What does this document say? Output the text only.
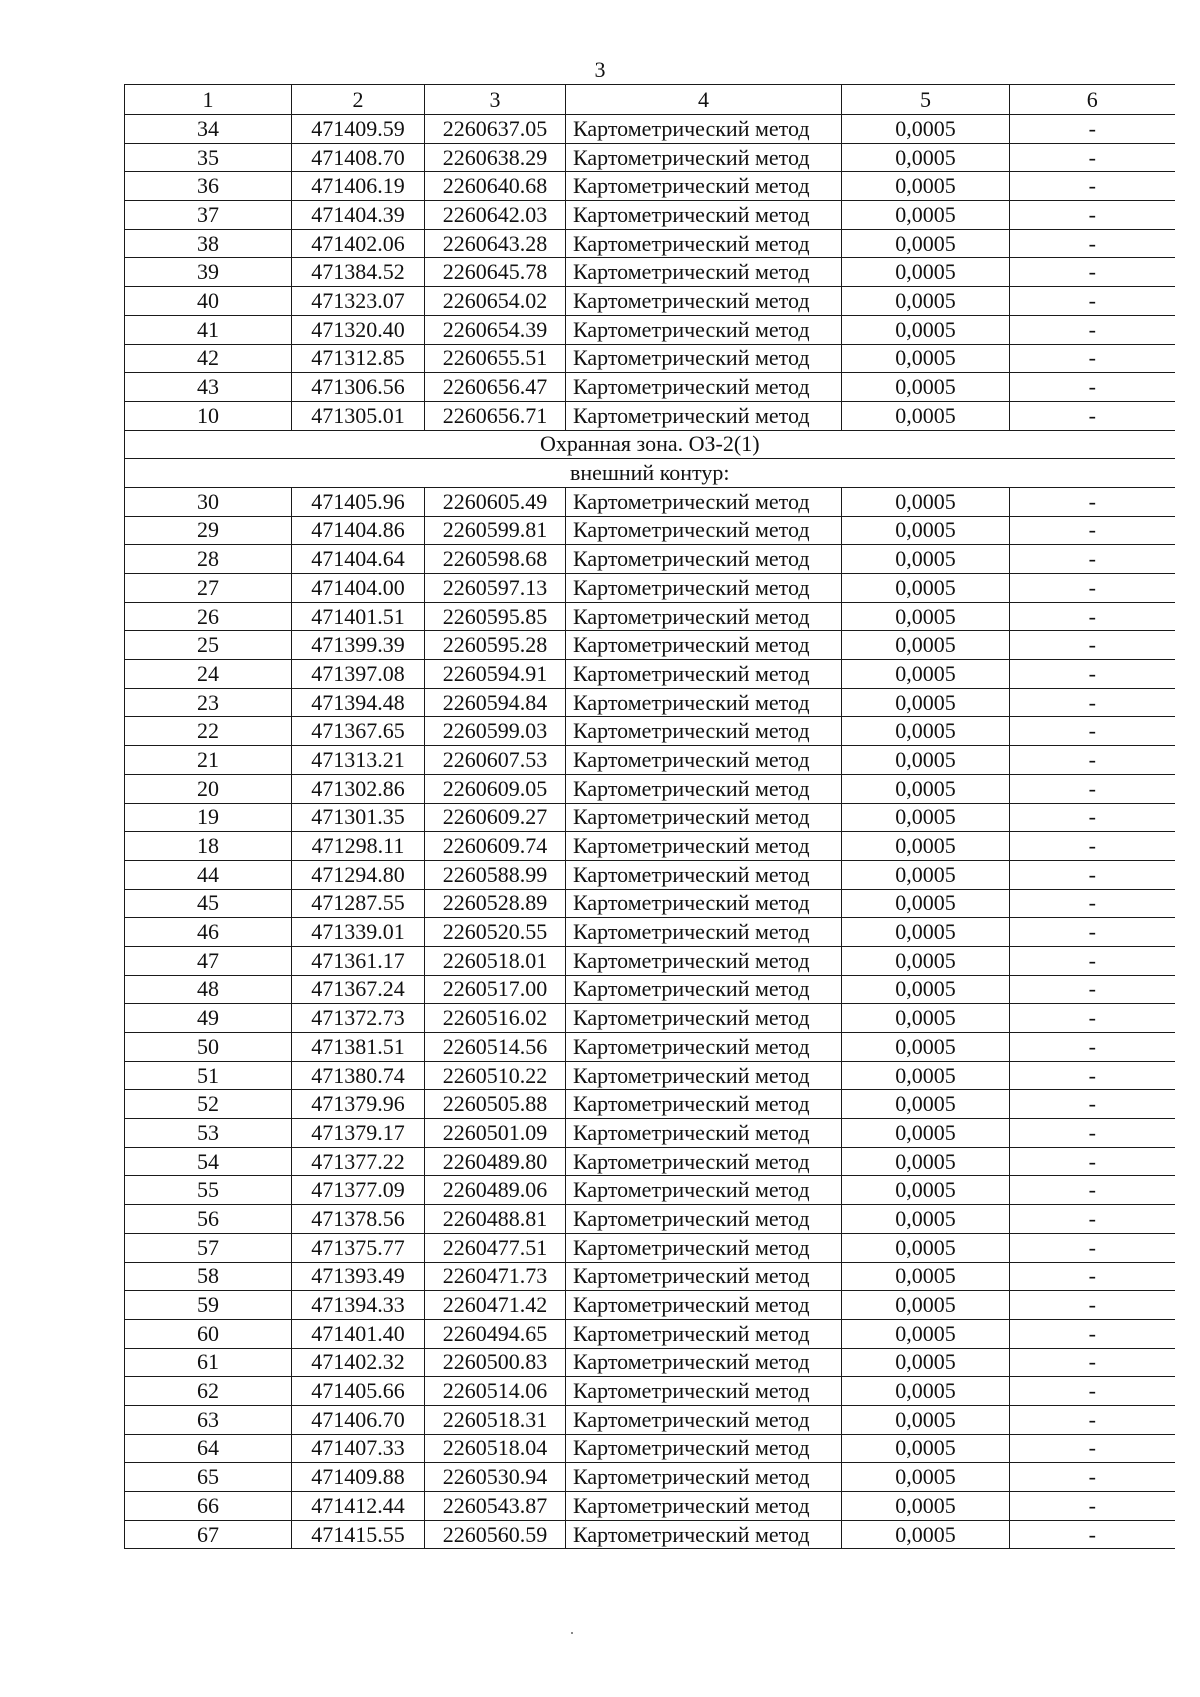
3
1	2	3	4	5	6
34	471409.59	2260637.05	Картометрический метод	0,0005	-
35	471408.70	2260638.29	Картометрический метод	0,0005	-
36	471406.19	2260640.68	Картометрический метод	0,0005	-
37	471404.39	2260642.03	Картометрический метод	0,0005	-
38	471402.06	2260643.28	Картометрический метод	0,0005	-
39	471384.52	2260645.78	Картометрический метод	0,0005	-
40	471323.07	2260654.02	Картометрический метод	0,0005	-
41	471320.40	2260654.39	Картометрический метод	0,0005	-
42	471312.85	2260655.51	Картометрический метод	0,0005	-
43	471306.56	2260656.47	Картометрический метод	0,0005	-
10	471305.01	2260656.71	Картометрический метод	0,0005	-
Охранная зона. ОЗ-2(1)					
внешний контур:					
30	471405.96	2260605.49	Картометрический метод	0,0005	-
29	471404.86	2260599.81	Картометрический метод	0,0005	-
28	471404.64	2260598.68	Картометрический метод	0,0005	-
27	471404.00	2260597.13	Картометрический метод	0,0005	-
26	471401.51	2260595.85	Картометрический метод	0,0005	-
25	471399.39	2260595.28	Картометрический метод	0,0005	-
24	471397.08	2260594.91	Картометрический метод	0,0005	-
23	471394.48	2260594.84	Картометрический метод	0,0005	-
22	471367.65	2260599.03	Картометрический метод	0,0005	-
21	471313.21	2260607.53	Картометрический метод	0,0005	-
20	471302.86	2260609.05	Картометрический метод	0,0005	-
19	471301.35	2260609.27	Картометрический метод	0,0005	-
18	471298.11	2260609.74	Картометрический метод	0,0005	-
44	471294.80	2260588.99	Картометрический метод	0,0005	-
45	471287.55	2260528.89	Картометрический метод	0,0005	-
46	471339.01	2260520.55	Картометрический метод	0,0005	-
47	471361.17	2260518.01	Картометрический метод	0,0005	-
48	471367.24	2260517.00	Картометрический метод	0,0005	-
49	471372.73	2260516.02	Картометрический метод	0,0005	-
50	471381.51	2260514.56	Картометрический метод	0,0005	-
51	471380.74	2260510.22	Картометрический метод	0,0005	-
52	471379.96	2260505.88	Картометрический метод	0,0005	-
53	471379.17	2260501.09	Картометрический метод	0,0005	-
54	471377.22	2260489.80	Картометрический метод	0,0005	-
55	471377.09	2260489.06	Картометрический метод	0,0005	-
56	471378.56	2260488.81	Картометрический метод	0,0005	-
57	471375.77	2260477.51	Картометрический метод	0,0005	-
58	471393.49	2260471.73	Картометрический метод	0,0005	-
59	471394.33	2260471.42	Картометрический метод	0,0005	-
60	471401.40	2260494.65	Картометрический метод	0,0005	-
61	471402.32	2260500.83	Картометрический метод	0,0005	-
62	471405.66	2260514.06	Картометрический метод	0,0005	-
63	471406.70	2260518.31	Картометрический метод	0,0005	-
64	471407.33	2260518.04	Картометрический метод	0,0005	-
65	471409.88	2260530.94	Картометрический метод	0,0005	-
66	471412.44	2260543.87	Картометрический метод	0,0005	-
67	471415.55	2260560.59	Картометрический метод	0,0005	-
